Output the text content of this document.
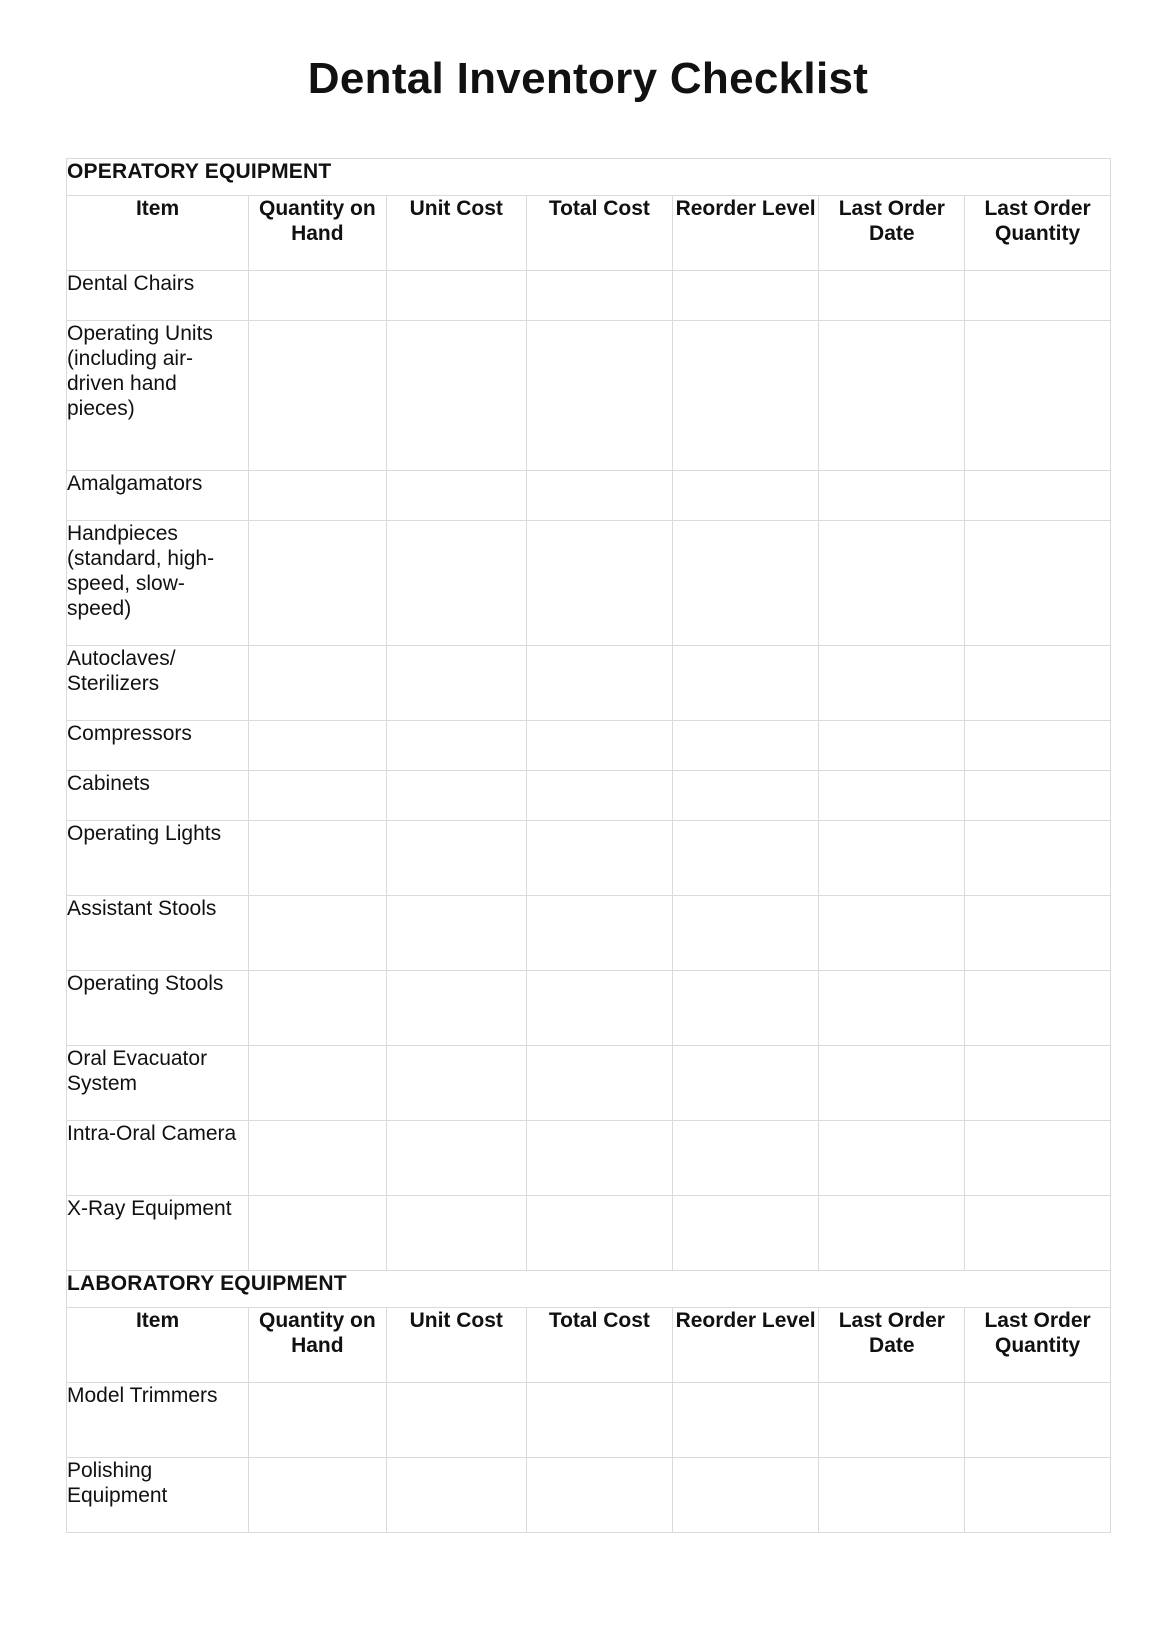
Dental Inventory Checklist
OPERATORY EQUIPMENT						
Item	Quantity on Hand	Unit Cost	Total Cost	Reorder Level	Last Order Date	Last Order Quantity
Dental Chairs						
Operating Units (including air-driven hand pieces)						
Amalgamators						
Handpieces (standard, high-speed, slow-speed)						
Autoclaves/ Sterilizers						
Compressors						
Cabinets						
Operating Lights						
Assistant Stools						
Operating Stools						
Oral Evacuator System						
Intra-Oral Camera						
X-Ray Equipment						
LABORATORY EQUIPMENT						
Item	Quantity on Hand	Unit Cost	Total Cost	Reorder Level	Last Order Date	Last Order Quantity
Model Trimmers						
Polishing Equipment						
